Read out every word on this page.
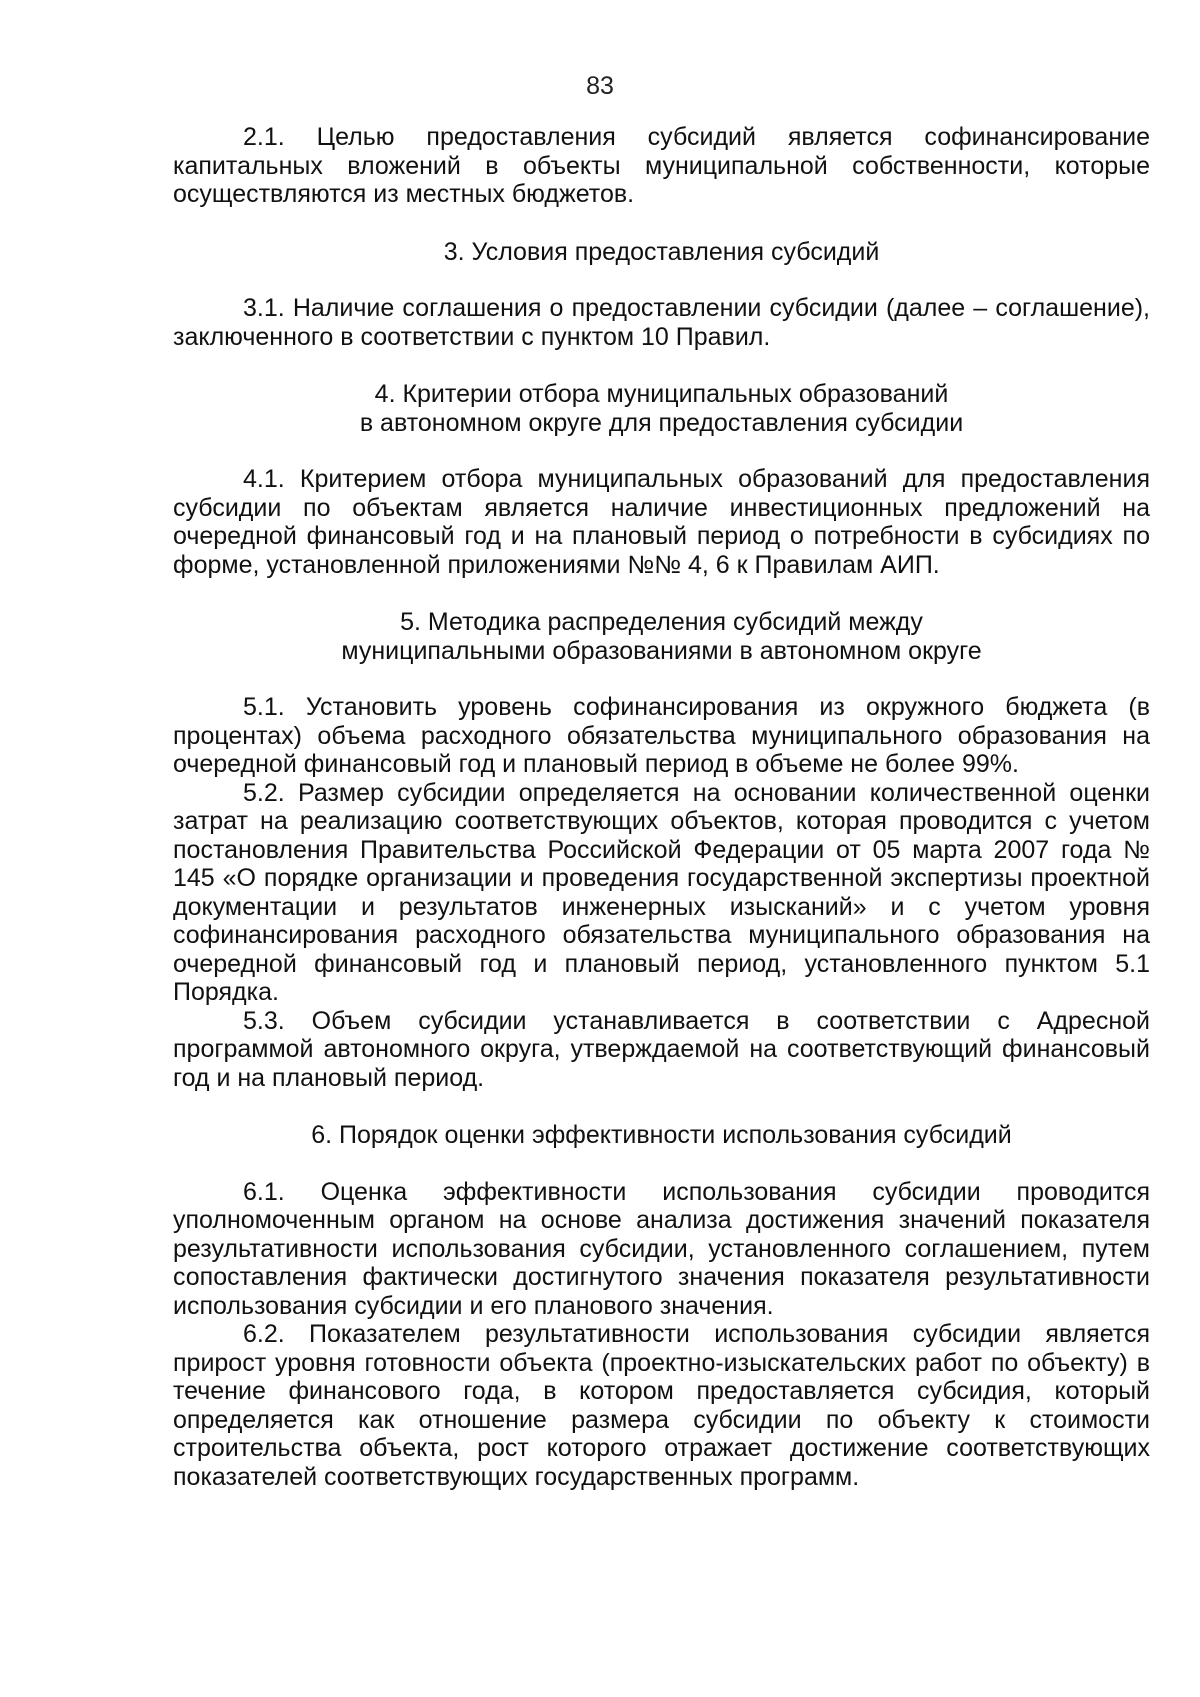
83

2.1. Целью предоставления субсидий является софинансирование капитальных вложений в объекты муниципальной собственности, которые осуществляются из местных бюджетов.

3. Условия предоставления субсидий

3.1. Наличие соглашения о предоставлении субсидии (далее – соглашение), заключенного в соответствии с пунктом 10 Правил.

4. Критерии отбора муниципальных образований
в автономном округе для предоставления субсидии

4.1. Критерием отбора муниципальных образований для предоставления субсидии по объектам является наличие инвестиционных предложений на очередной финансовый год и на плановый период о потребности в субсидиях по форме, установленной приложениями №№ 4, 6 к Правилам АИП.

5. Методика распределения субсидий между
муниципальными образованиями в автономном округе

5.1. Установить уровень софинансирования из окружного бюджета (в процентах) объема расходного обязательства муниципального образования на очередной финансовый год и плановый период в объеме не более 99%.

5.2. Размер субсидии определяется на основании количественной оценки затрат на реализацию соответствующих объектов, которая проводится с учетом постановления Правительства Российской Федерации от 05 марта 2007 года № 145 «О порядке организации и проведения государственной экспертизы проектной документации и результатов инженерных изысканий» и с учетом уровня софинансирования расходного обязательства муниципального образования на очередной финансовый год и плановый период, установленного пунктом 5.1 Порядка.

5.3. Объем субсидии устанавливается в соответствии с Адресной программой автономного округа, утверждаемой на соответствующий финансовый год и на плановый период.

6. Порядок оценки эффективности использования субсидий

6.1. Оценка эффективности использования субсидии проводится уполномоченным органом на основе анализа достижения значений показателя результативности использования субсидии, установленного соглашением, путем сопоставления фактически достигнутого значения показателя результативности использования субсидии и его планового значения.

6.2. Показателем результативности использования субсидии является прирост уровня готовности объекта (проектно-изыскательских работ по объекту) в течение финансового года, в котором предоставляется субсидия, который определяется как отношение размера субсидии по объекту к стоимости строительства объекта, рост которого отражает достижение соответствующих показателей соответствующих государственных программ.
